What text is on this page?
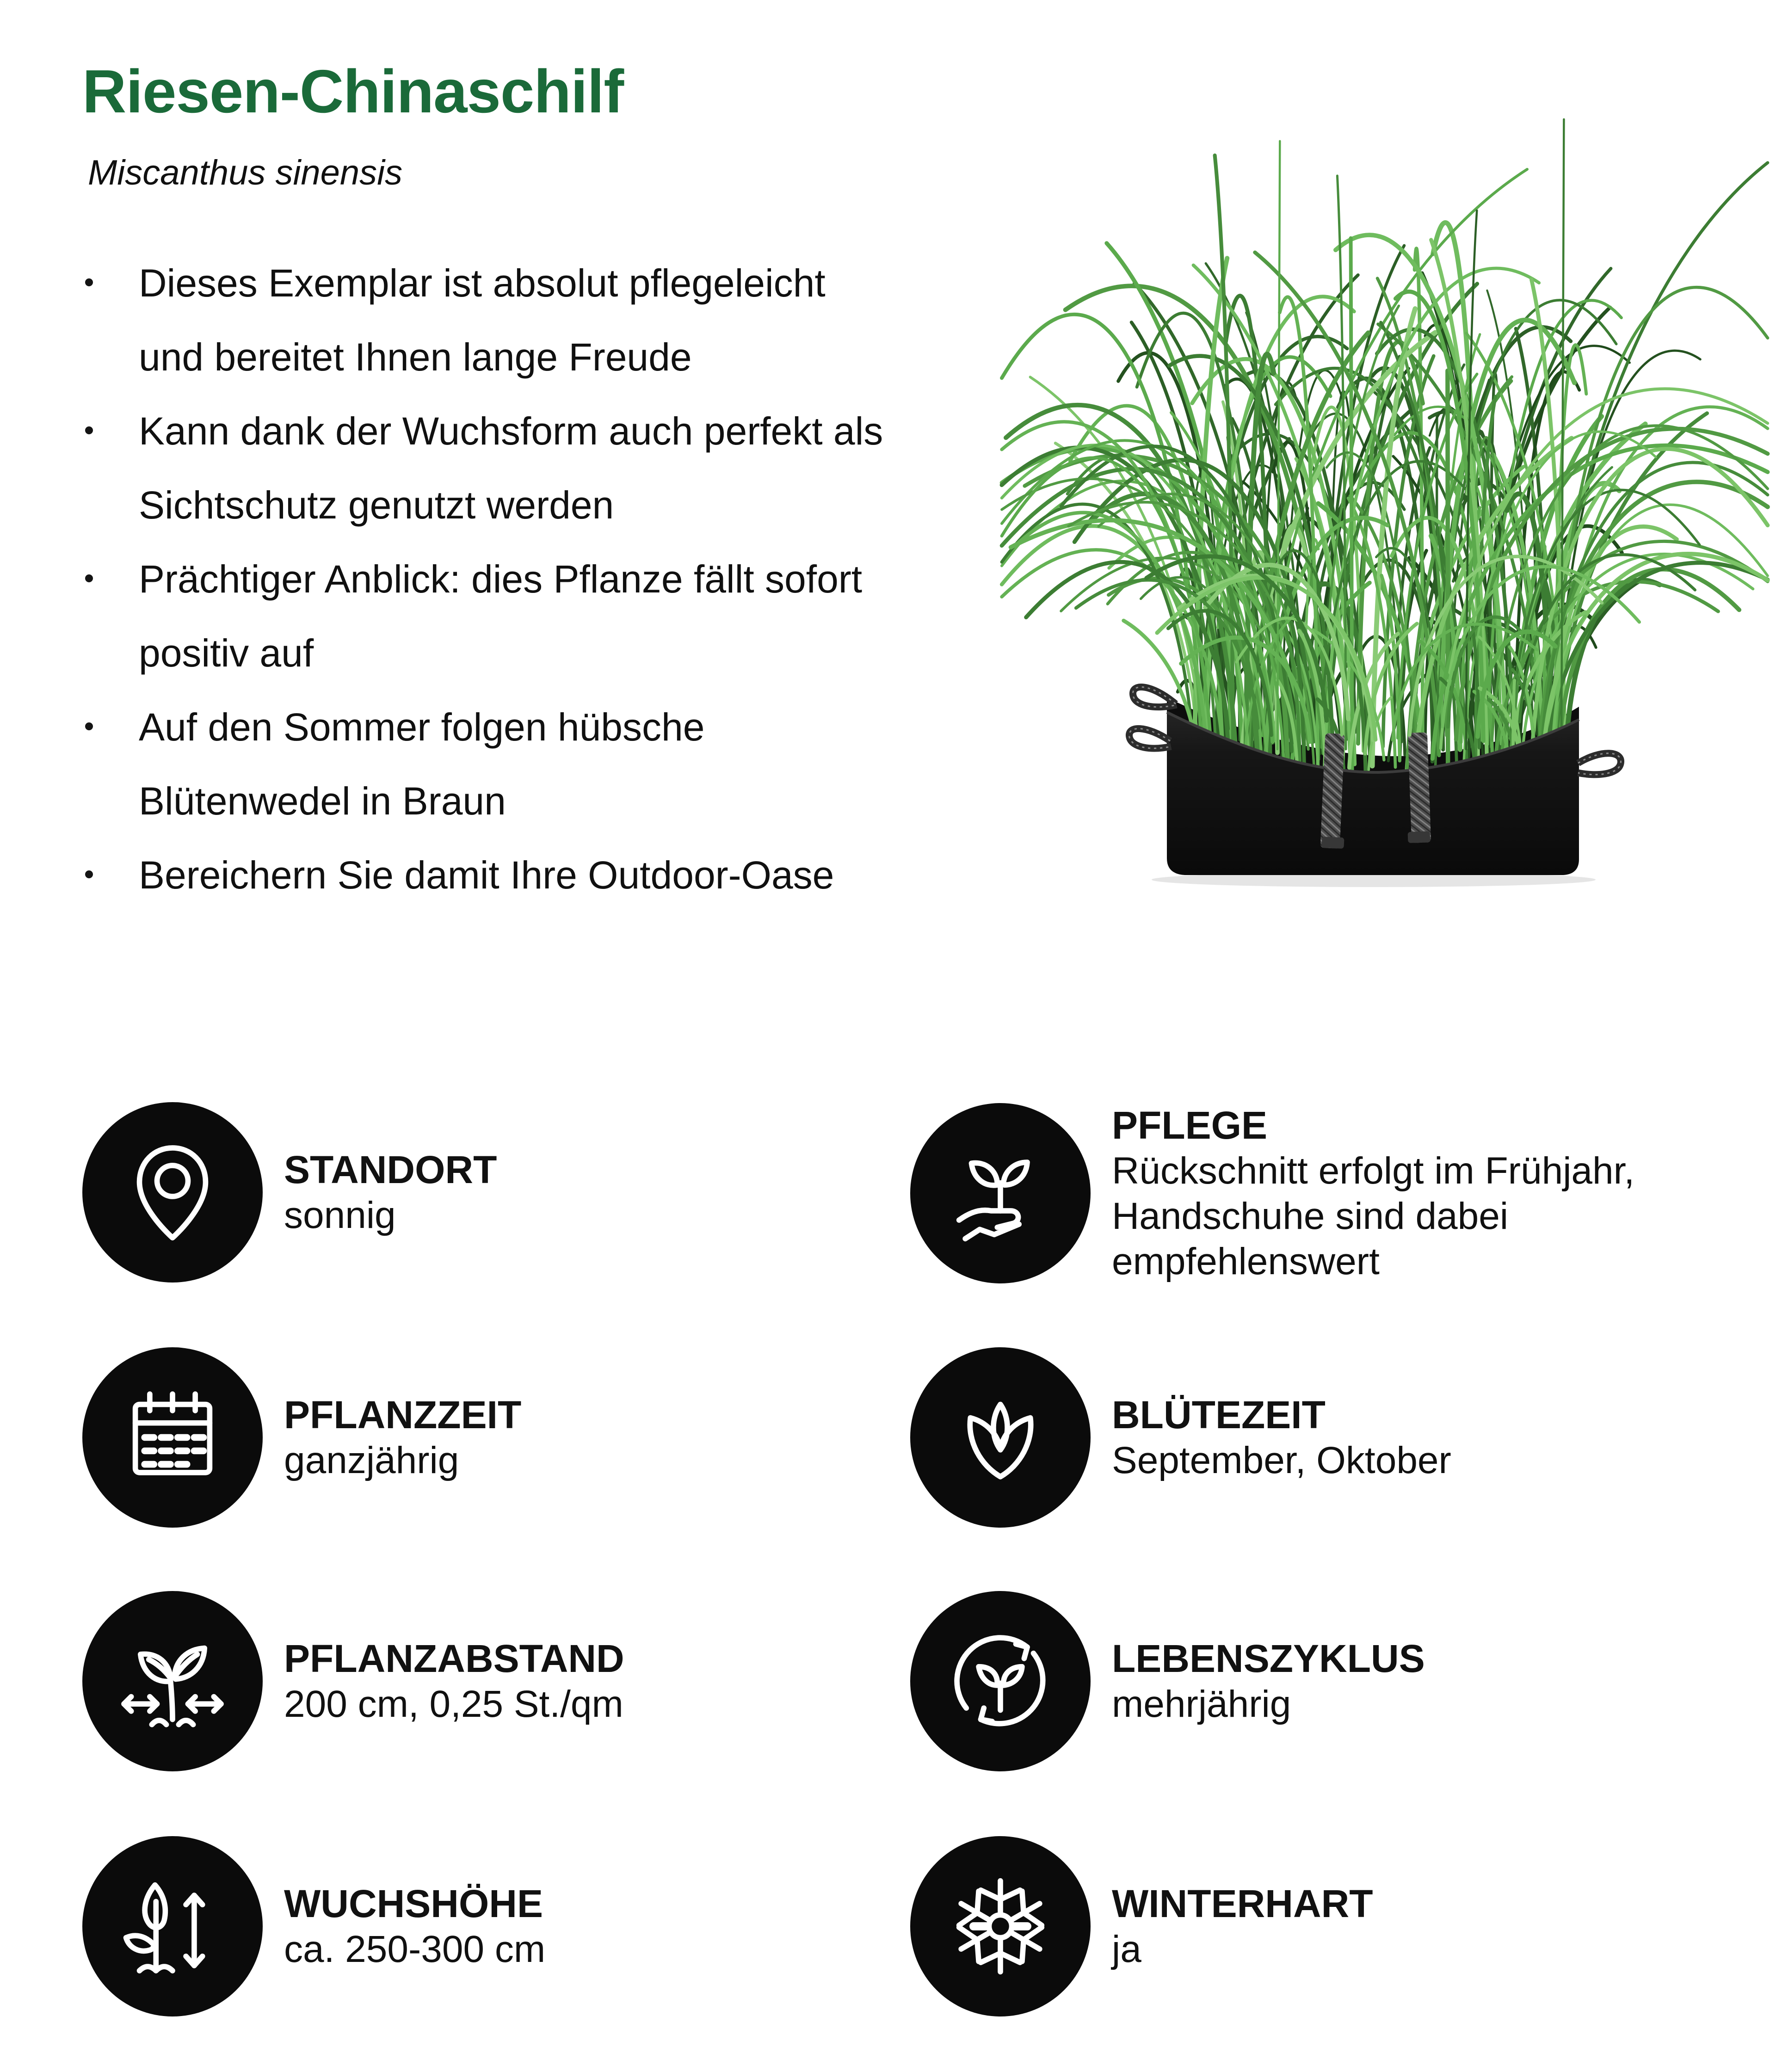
Riesen-Chinaschilf
Miscanthus sinensis
Dieses Exemplar ist absolut pflegeleicht und bereitet Ihnen lange Freude
Kann dank der Wuchsform auch perfekt als Sichtschutz genutzt werden
Prächtiger Anblick: dies Pflanze fällt sofort positiv auf
Auf den Sommer folgen hübsche Blütenwedel in Braun
Bereichern Sie damit Ihre Outdoor-Oase
STANDORT
sonnig
PFLEGE
Rückschnitt erfolgt im Frühjahr, Handschuhe sind dabei empfehlenswert
PFLANZZEIT
ganzjährig
BLÜTEZEIT
September, Oktober
PFLANZABSTAND
200 cm, 0,25 St./qm
LEBENSZYKLUS
mehrjährig
WUCHSHÖHE
ca. 250-300 cm
WINTERHART
ja
